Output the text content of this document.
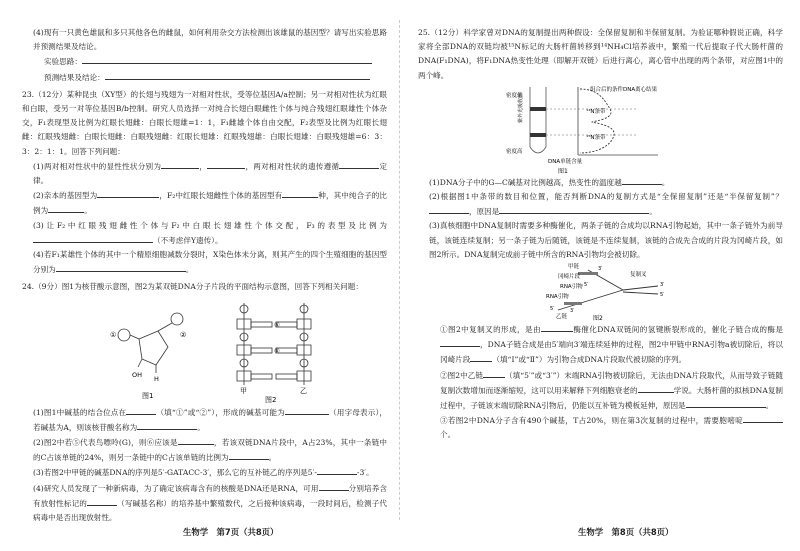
(4)现有一只黄色雄鼠和多只其他各色的雌鼠，如何利用杂交方法检测出该雄鼠的基因型？请写出实验思路并预测结果及结论。

实验思路：

预测结果及结论：

23.（12分）某种昆虫（XY型）的长翅与残翅为一对相对性状，受等位基因A/a控制；另一对相对性状为红眼和白眼，受另一对等位基因B/b控制。研究人员选择一对纯合长翅白眼雌性个体与纯合残翅红眼雄性个体杂交，F₁表现型及比例为红眼长翅雌：白眼长翅雄=1：1，F₁雌雄个体自由交配，F₂表型及比例为红眼长翅雌：红眼残翅雌：白眼长翅雌：白眼残翅雌：红眼长翅雄：红眼残翅雄：白眼长翅雄：白眼残翅雄=6：3：3：2：1：1。回答下列问题：

(1)两对相对性状中的显性性状分别为	，	，两对相对性状的遗传遵循	定律。

(2)亲本的基因型为	，F₂中红眼长翅雌性个体的基因型有	种，其中纯合子的比例为	。

(3)让F₂中红眼残翅雌性个体与F₂中白眼长翅雄性个体交配，F₃的表型及比例为（不考虑伴Y遗传）。

(4)若F₁某雄性个体的其中一个精原细胞减数分裂时，X染色体未分离，则其产生的四个生殖细胞的基因型分别为	。

24.（9分）图1为核苷酸示意图，图2为某双链DNA分子片段的平面结构示意图，回答下列相关问题：

①	②
OH H
图1
⑤
⑥
甲	乙
图2

(1)图1中碱基的结合位点在	（填“①”或“②”），形成的碱基可能为	（用字母表示），若碱基为A，则该核苷酸名称为	。

(2)图2中若⑤代表鸟嘌呤(G)，则⑥应该是	，若该双链DNA片段中，A占23%，其中一条链中的C占该单链的24%，则另一条链中的C占该单链的比例为	。

(3)若图2中甲链的碱基DNA的序列是5′-GATACC-3′，那么它的互补链乙的序列是5′-	-3′。

(4)研究人员发现了一种新病毒，为了确定该病毒含有的核酸是DNA还是RNA，可用	分别培养含有放射性标记的	（写碱基名称）的培养基中繁殖数代，之后接种该病毒，一段时间后，检测子代病毒中是否出现放射性。

生物学　第7页（共8页）

25.（12分）科学家曾对DNA的复制提出两种假设：全保留复制和半保留复制。为验证哪种假说正确，科学家将全部DNA的双链均被¹⁵N标记的大肠杆菌转移到¹⁴NH₄Cl培养液中，繁殖一代后提取子代大肠杆菌的DNA(F₁DNA)，将F₁DNA热变性处理（即解开双链）后进行离心，离心管中出现的两个条带，对应图1中的两个峰。

密度低
密度高
DNA单链含量
¹⁴N条带
¹⁵N条带
组合后的条件DNA离心结果
紫外光吸收值
图1

(1)DNA分子中的G—C碱基对比例越高，热变性的温度越	。

(2)根据图1中条带的数目和位置，能否判断DNA的复制方式是“全保留复制”还是“半保留复制”？，原因是	。

(3)真核细胞中DNA复制时需要多种酶催化，两条子链的合成均以RNA引物起始，其中一条子链外为前导链，该链连续复制；另一条子链为后随链，该链是不连续复制，该链的合成先合成的片段为冈崎片段，如图2所示。DNA复制完成前子链中所含的RNA引物均会被切除。

甲链
复制叉
冈崎片段
RNA引物
RNA引物
乙链
3′
5′
3′
5′
5′
3′
图2

①图2中复制叉的形成，是由	酶催化DNA双链间的氢键断裂形成的，催化子链合成的酶是，DNA子链合成是由5′端向3′端连续延伸的过程，图2中甲链中RNA引物a被切除后，将以冈崎片段	（填“Ⅰ”或“Ⅱ”）为引物合成DNA片段取代被切除的序列。

②图2中乙链	（填“5′”或“3′”）末端RNA引物被切除后，无法由DNA片段取代，从而导致子链随复制次数增加而逐渐缩短，这可以用来解释下列细胞衰老的	学说。大肠杆菌的拟核DNA复制过程中，子链该末端切除RNA引物后，仍能以互补链为模板延伸，原因是	。

③若图2中DNA分子含有490个碱基，T占20%，则在第3次复制的过程中，需要胞嘧啶个。

生物学　第8页（共8页）
